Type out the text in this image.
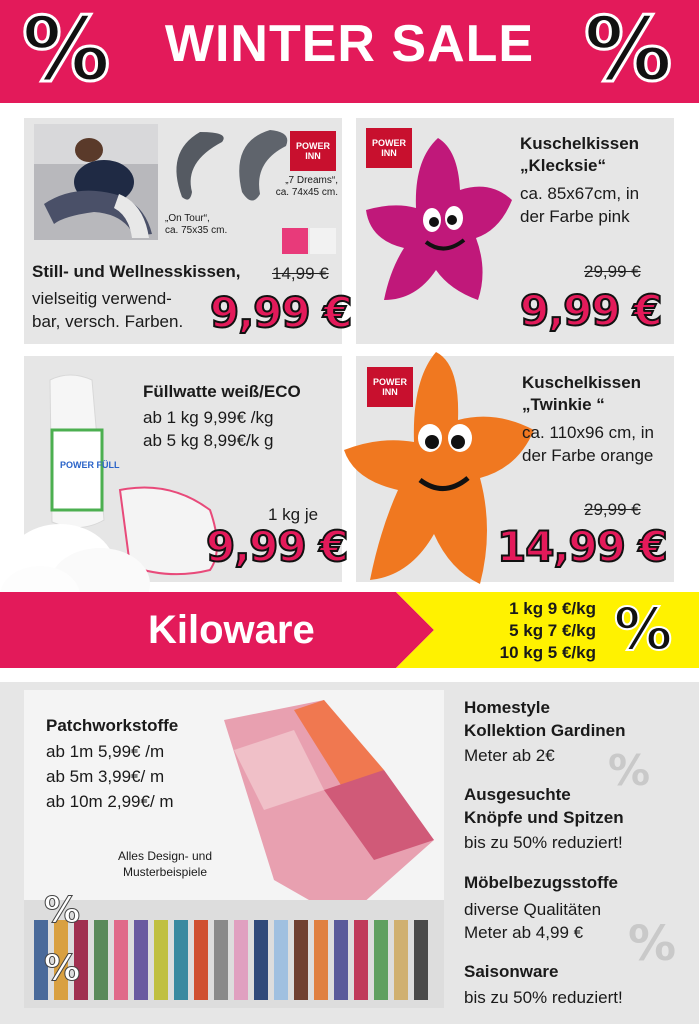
WINTER SALE
%	%
POWER
INN
„7 Dreams“,
ca. 74x45 cm.
„On Tour“,
ca. 75x35 cm.
Still- und Wellnesskissen,
vielseitig verwend-
bar, versch. Farben.
14,99 €
9,99 €
POWER
INN	Kuschelkissen
„Klecksie“
ca. 85x67cm, in
der Farbe pink
29,99 €
9,99 €
POWER FÜLL
Füllwatte weiß/ECO
ab 1 kg 9,99€ /kg
ab 5 kg 8,99€/k g
1 kg je
9,99 €
POWER
INN	Kuschelkissen
„Twinkie “
ca. 110x96 cm, in
der Farbe orange
29,99 €
14,99 €
Kiloware	1 kg 9 €/kg
5 kg 7 €/kg
10 kg 5 €/kg %
Patchworkstoffe
ab 1m 5,99€ /m
ab 5m 3,99€/ m
ab 10m 2,99€/ m
Alles Design- und
Musterbeispiele
%
%
Homestyle
Kollektion Gardinen
Meter ab 2€ %
Ausgesuchte
Knöpfe und Spitzen
bis zu 50% reduziert!
Möbelbezugsstoffe
diverse Qualitäten
Meter ab 4,99 € %
Saisonware
bis zu 50% reduziert!
